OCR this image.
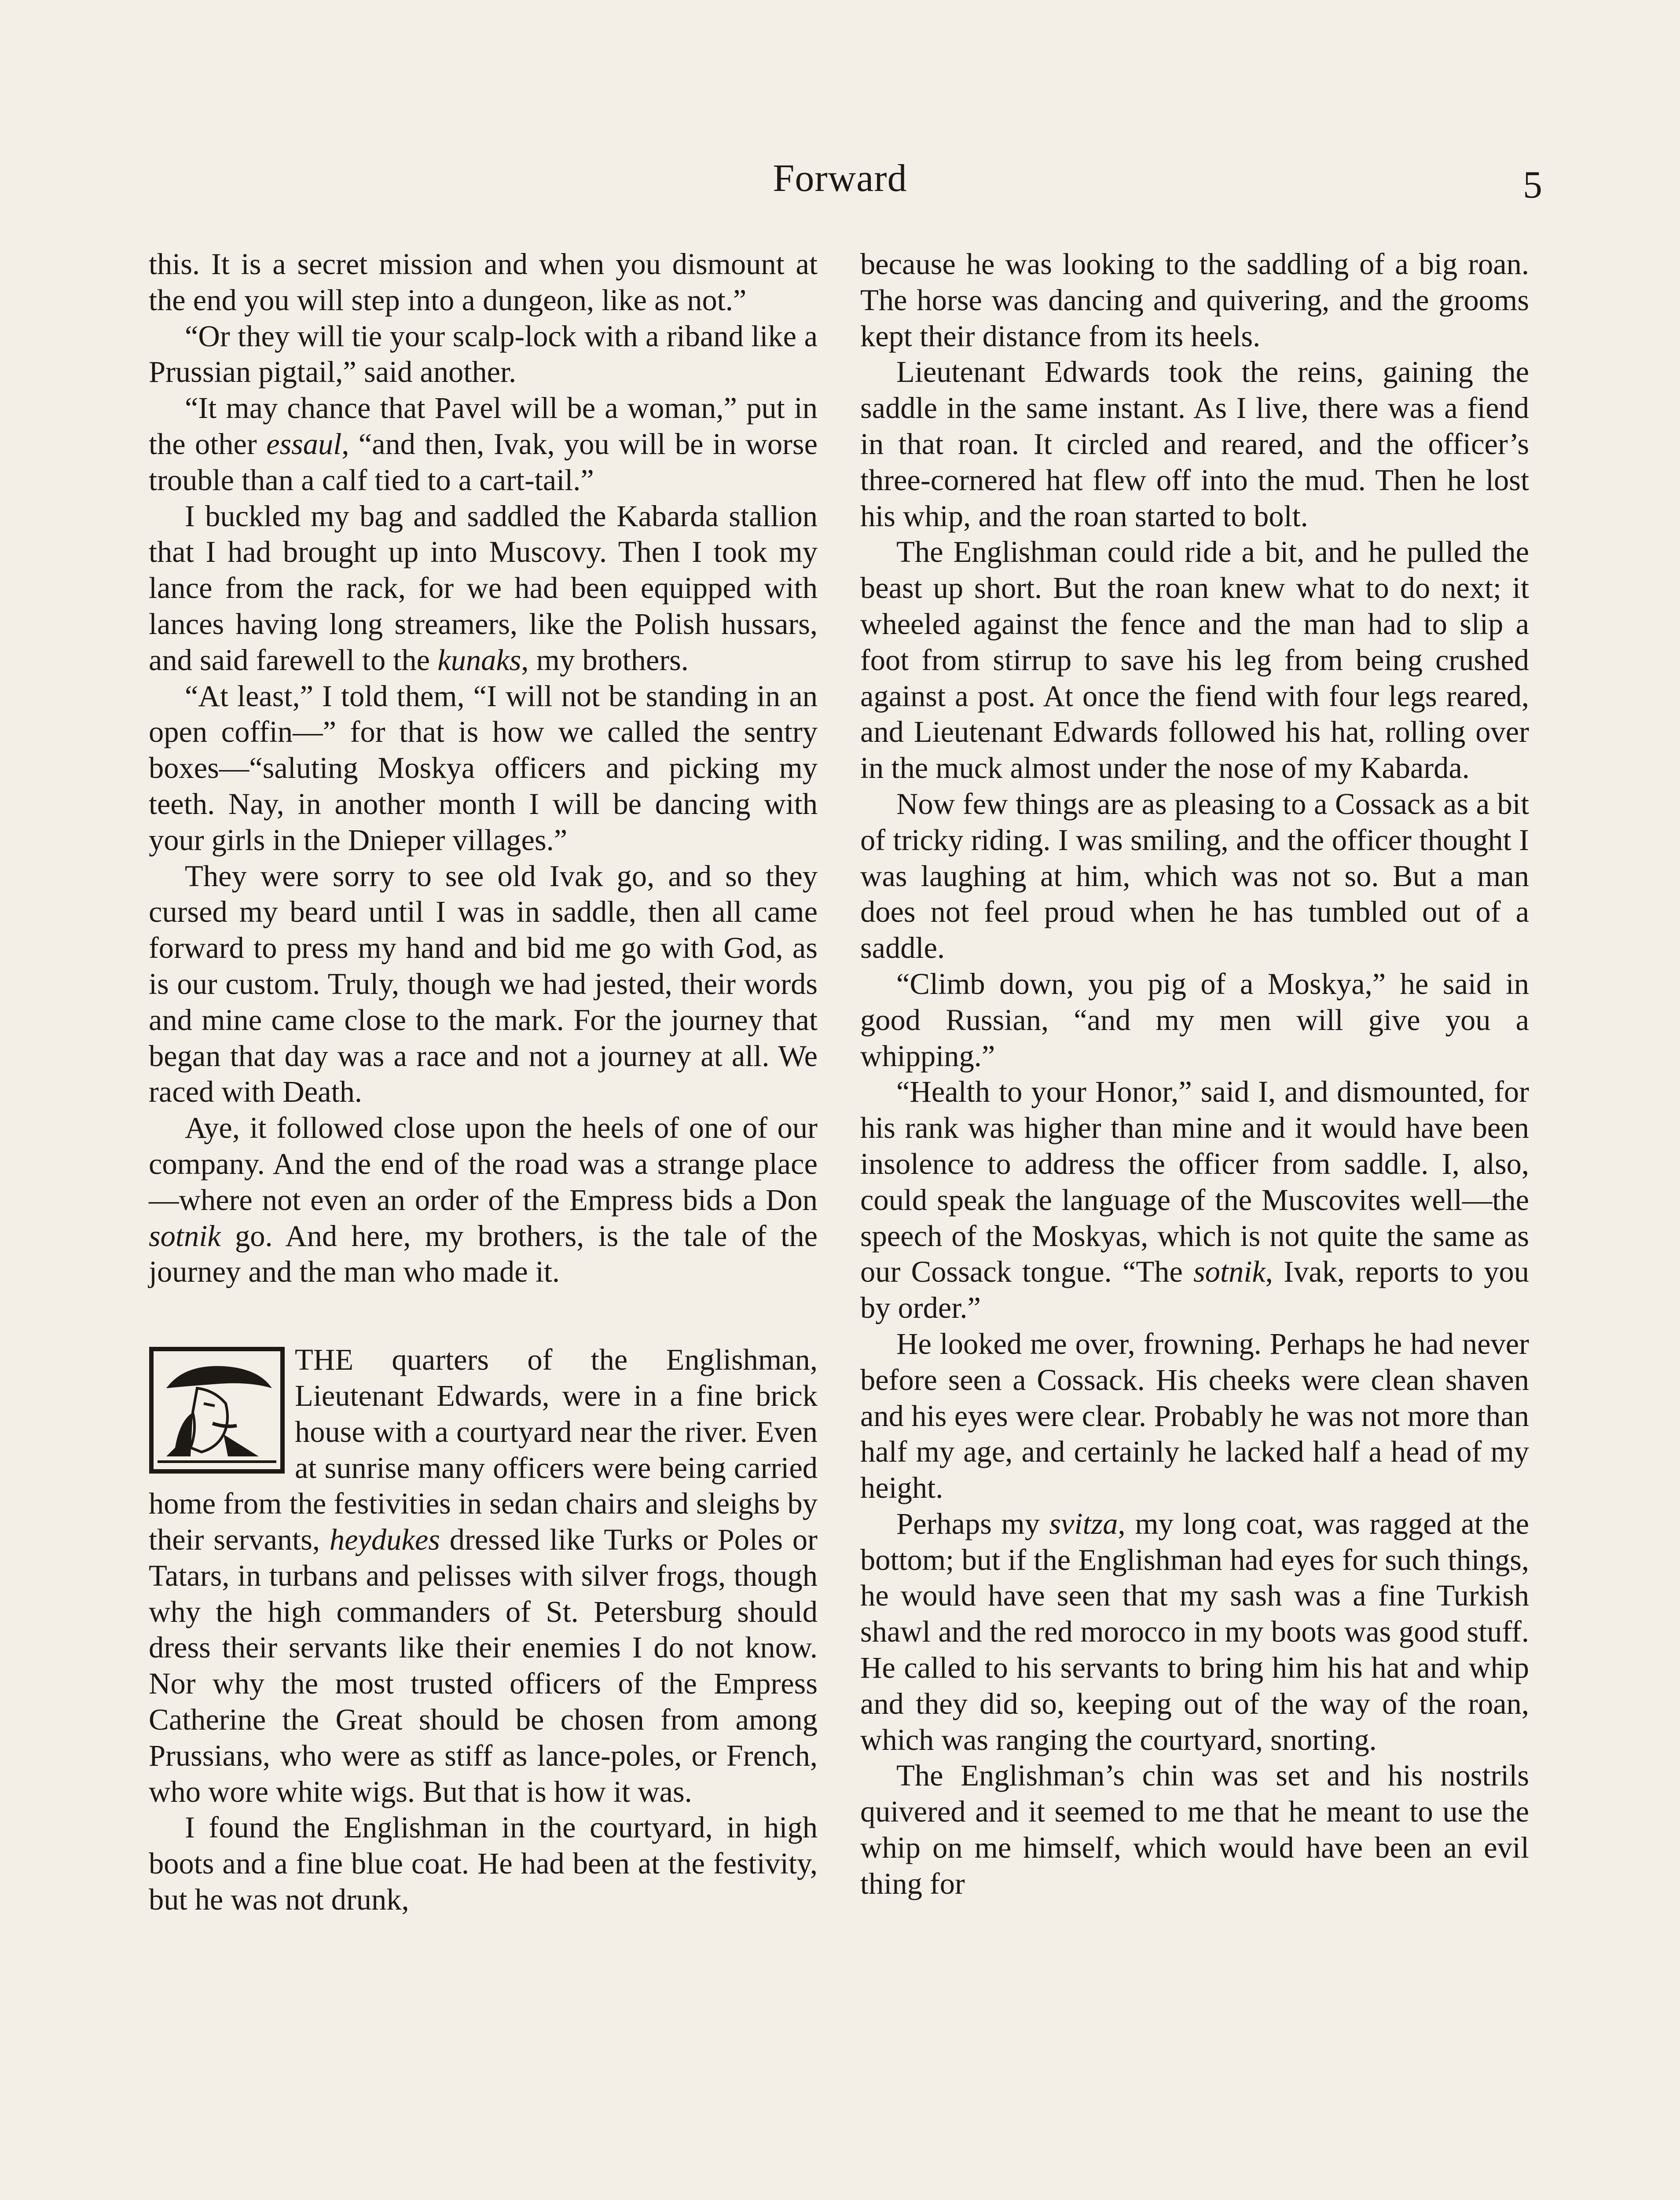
Forward	5

this. It is a secret mission and when you dismount at the end you will step into a dungeon, like as not.”

“Or they will tie your scalp-lock with a riband like a Prussian pigtail,” said another.

“It may chance that Pavel will be a woman,” put in the other essaul, “and then, Ivak, you will be in worse trouble than a calf tied to a cart-tail.”

I buckled my bag and saddled the Kabarda stallion that I had brought up into Muscovy. Then I took my lance from the rack, for we had been equipped with lances having long streamers, like the Polish hussars, and said farewell to the kunaks, my brothers.

“At least,” I told them, “I will not be standing in an open coffin—” for that is how we called the sentry boxes—“saluting Moskya officers and picking my teeth. Nay, in another month I will be dancing with your girls in the Dnieper villages.”

They were sorry to see old Ivak go, and so they cursed my beard until I was in saddle, then all came forward to press my hand and bid me go with God, as is our custom. Truly, though we had jested, their words and mine came close to the mark. For the journey that began that day was a race and not a journey at all. We raced with Death.

Aye, it followed close upon the heels of one of our company. And the end of the road was a strange place—where not even an order of the Empress bids a Don sotnik go. And here, my brothers, is the tale of the journey and the man who made it.

THE quarters of the Englishman, Lieutenant Edwards, were in a fine brick house with a courtyard near the river. Even at sunrise many officers were being carried home from the festivities in sedan chairs and sleighs by their servants, heydukes dressed like Turks or Poles or Tatars, in turbans and pelisses with silver frogs, though why the high commanders of St. Petersburg should dress their servants like their enemies I do not know. Nor why the most trusted officers of the Empress Catherine the Great should be chosen from among Prussians, who were as stiff as lance-poles, or French, who wore white wigs. But that is how it was.

I found the Englishman in the courtyard, in high boots and a fine blue coat. He had been at the festivity, but he was not drunk,

because he was looking to the saddling of a big roan. The horse was dancing and quivering, and the grooms kept their distance from its heels.

Lieutenant Edwards took the reins, gaining the saddle in the same instant. As I live, there was a fiend in that roan. It circled and reared, and the officer’s three-cornered hat flew off into the mud. Then he lost his whip, and the roan started to bolt.

The Englishman could ride a bit, and he pulled the beast up short. But the roan knew what to do next; it wheeled against the fence and the man had to slip a foot from stirrup to save his leg from being crushed against a post. At once the fiend with four legs reared, and Lieutenant Edwards followed his hat, rolling over in the muck almost under the nose of my Kabarda.

Now few things are as pleasing to a Cossack as a bit of tricky riding. I was smiling, and the officer thought I was laughing at him, which was not so. But a man does not feel proud when he has tumbled out of a saddle.

“Climb down, you pig of a Moskya,” he said in good Russian, “and my men will give you a whipping.”

“Health to your Honor,” said I, and dismounted, for his rank was higher than mine and it would have been insolence to address the officer from saddle. I, also, could speak the language of the Muscovites well—the speech of the Moskyas, which is not quite the same as our Cossack tongue. “The sotnik, Ivak, reports to you by order.”

He looked me over, frowning. Perhaps he had never before seen a Cossack. His cheeks were clean shaven and his eyes were clear. Probably he was not more than half my age, and certainly he lacked half a head of my height.

Perhaps my svitza, my long coat, was ragged at the bottom; but if the Englishman had eyes for such things, he would have seen that my sash was a fine Turkish shawl and the red morocco in my boots was good stuff. He called to his servants to bring him his hat and whip and they did so, keeping out of the way of the roan, which was ranging the courtyard, snorting.

The Englishman’s chin was set and his nostrils quivered and it seemed to me that he meant to use the whip on me himself, which would have been an evil thing for
